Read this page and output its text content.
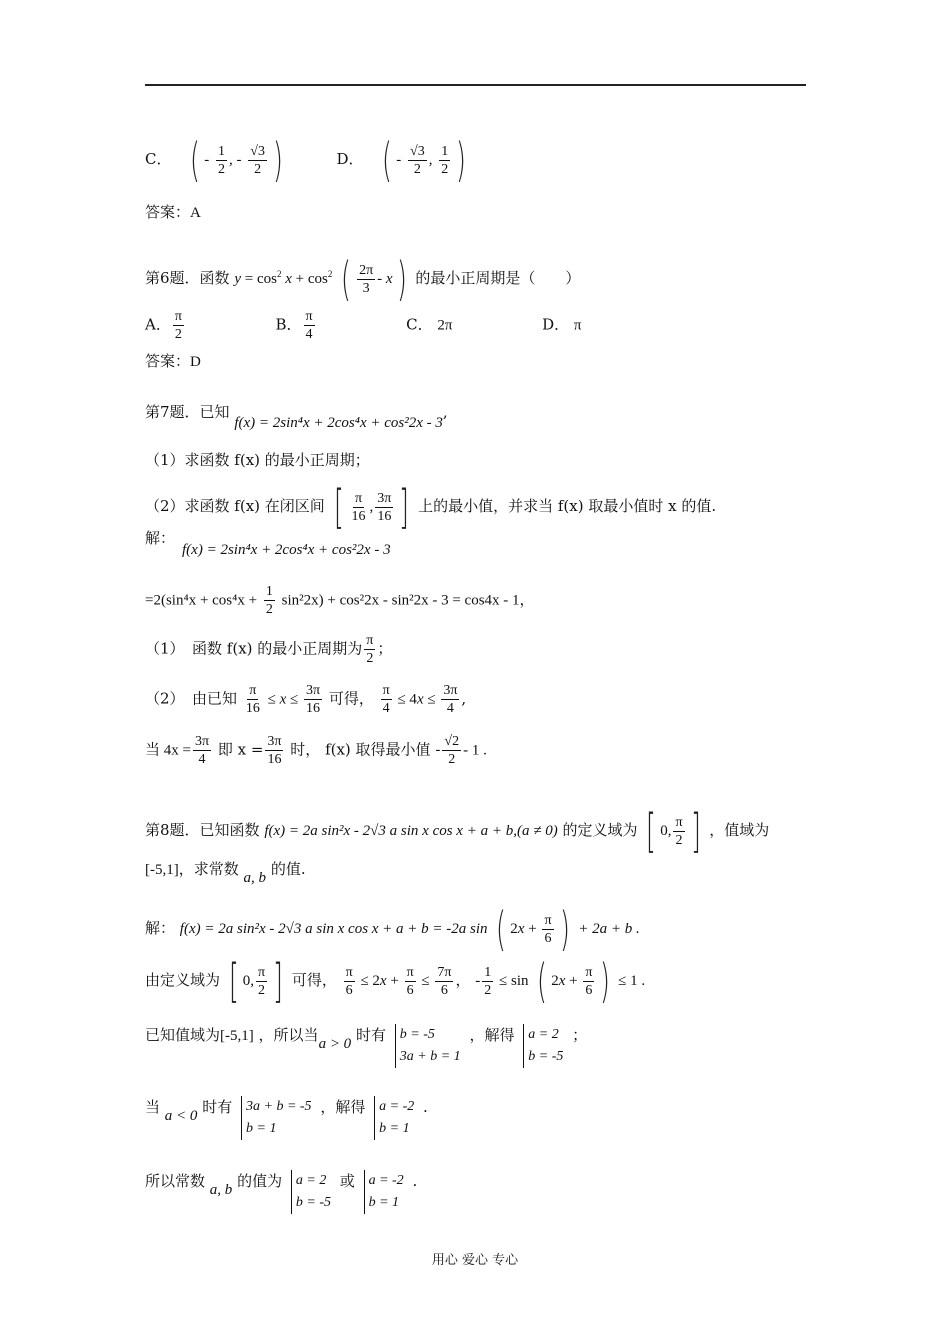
C． ( - $\frac{1}{2}$ , - $\frac{√3}{2}$ )	D． ( - $\frac{√3}{2}$ , $\frac{1}{2}$ )
答案：A
第6题．函数 $y = \cos^2 x + \cos^2$ ( $\frac{2\pi}{3} - x$) 的最小正周期是（　　）
A． $\frac{\pi}{2}$	B． $\frac{\pi}{4}$	C． 2π	D． π
答案：D
第7题．已知 f(x) = 2sin⁴x + 2cos⁴x + cos²2x - 3,
（1）求函数 f(x) 的最小正周期；
（2）求函数 f(x) 在闭区间 [ $\frac{\pi}{16}$ , $\frac{3\pi}{16}$ ] 上的最小值，并求当 f(x) 取最小值时 x 的值.
解：
f(x) = 2sin⁴x + 2cos⁴x + cos²2x - 3
$=2(\sin^4x + \cos^4x + \frac{1}{2} \sin^22x) + \cos^22x - \sin^22x - 3 = \cos 4x - 1$，
（1）　函数 f(x) 的最小正周期为 $\frac{\pi}{2}$ ；
（2）　由已知 $\frac{\pi}{16} \le x \le \frac{3\pi}{16}$ 可得， $\frac{\pi}{4} \le 4x \le \frac{3\pi}{4}$ ,
当 $4x = \frac{3\pi}{4}$ 即 $x = \frac{3\pi}{16}$ 时， f(x) 取得最小值 - $\frac{√2}{2} - 1$ .
第8题．已知函数 f(x) = 2a sin²x - 2√3 a sin x cos x + a + b,(a ≠ 0) 的定义域为 [ 0, $\frac{\pi}{2}$ ] ，值域为
[-5,1]，求常数 a, b 的值.
解： f(x) = 2a sin²x - 2√3 a sin x cos x + a + b = -2a sin ( $2x + \frac{\pi}{6}$ ) + 2a + b .
由定义域为 [ 0, $\frac{\pi}{2}$ ] 可得， $\frac{\pi}{6} \le 2x + \frac{\pi}{6} \le \frac{7\pi}{6}$ ， - $\frac{1}{2} \le \sin$ ( $2x + \frac{\pi}{6}$ ) ≤ 1 .
已知值域为[-5,1] ，所以当a > 0 时有 b = -5
3a + b = 1
，解得 a = 2
b = -5
；
当 a < 0 时有 3a + b = -5
b = 1
，解得 a = -2
b = 1
.
所以常数 a, b 的值为 a = 2
b = -5
或 a = -2
b = 1
.
用心 爱心 专心
